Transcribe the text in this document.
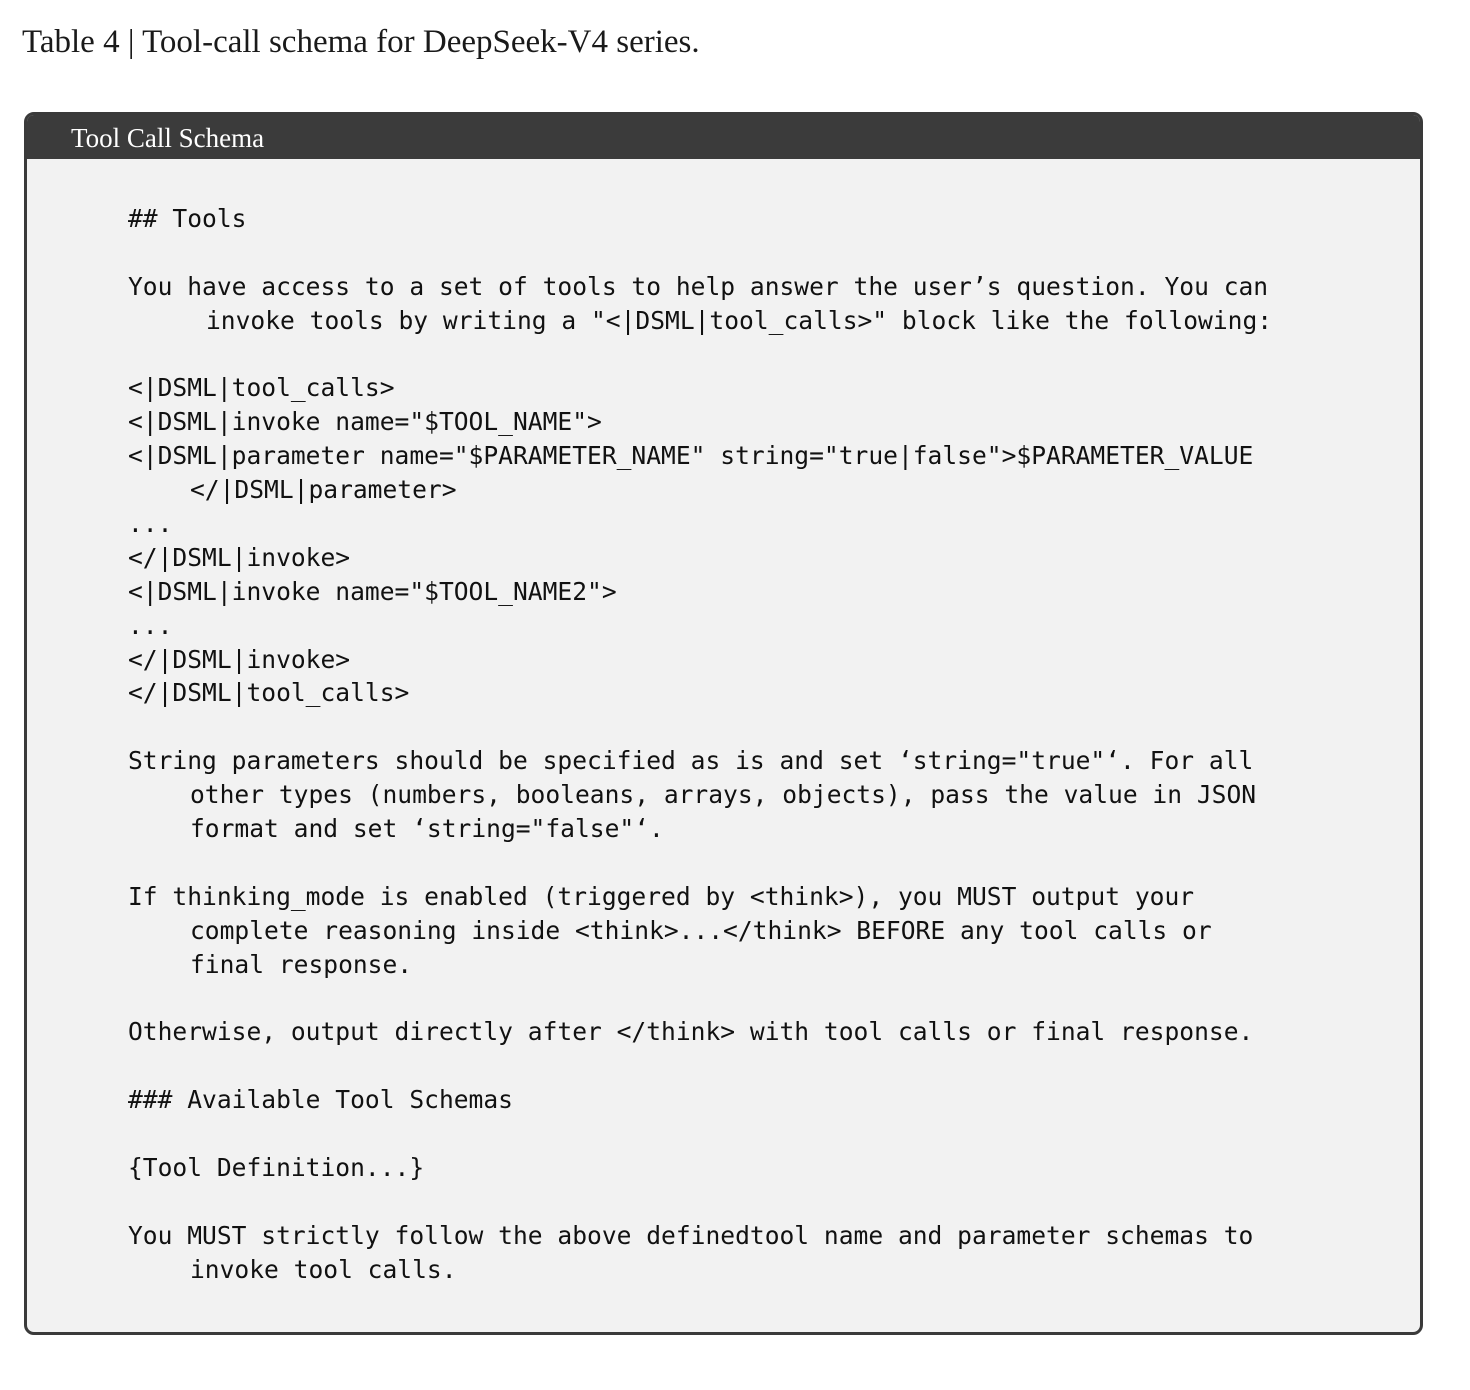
Table 4 | Tool-call schema for DeepSeek-V4 series.
Tool Call Schema
## Tools
You have access to a set of tools to help answer the user’s question. You can
invoke tools by writing a "<|DSML|tool_calls>" block like the following:
<|DSML|tool_calls>
<|DSML|invoke name="$TOOL_NAME">
<|DSML|parameter name="$PARAMETER_NAME" string="true|false">$PARAMETER_VALUE
</|DSML|parameter>
...
</|DSML|invoke>
<|DSML|invoke name="$TOOL_NAME2">
...
</|DSML|invoke>
</|DSML|tool_calls>
String parameters should be specified as is and set ‘string="true"‘. For all
other types (numbers, booleans, arrays, objects), pass the value in JSON
format and set ‘string="false"‘.
If thinking_mode is enabled (triggered by <think>), you MUST output your
complete reasoning inside <think>...</think> BEFORE any tool calls or
final response.
Otherwise, output directly after </think> with tool calls or final response.
### Available Tool Schemas
{Tool Definition...}
You MUST strictly follow the above definedtool name and parameter schemas to
invoke tool calls.
